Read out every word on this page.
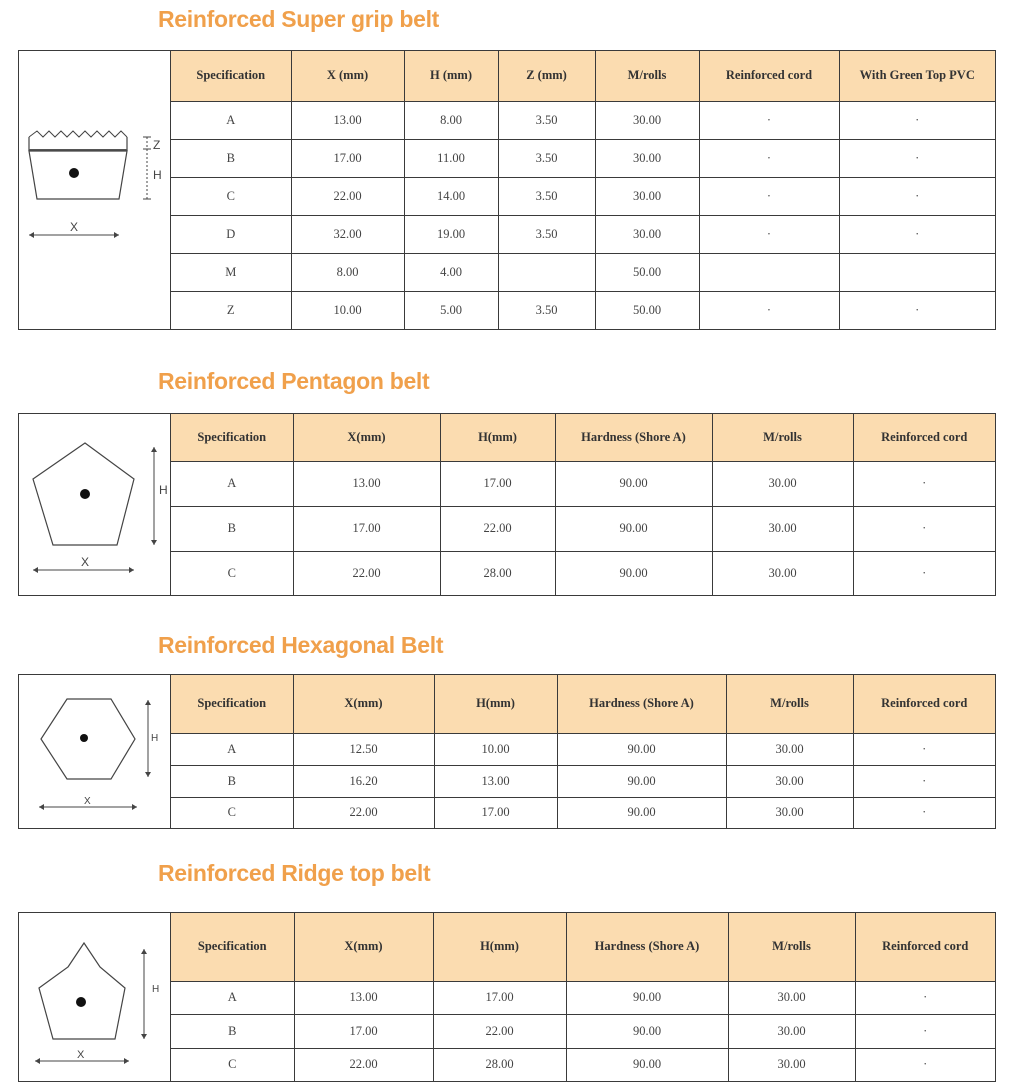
Reinforced Super grip belt
Z
H
X
Specification	X (mm)	H (mm)	Z (mm)	M/rolls	Reinforced cord	With Green Top PVC
A	13.00	8.00	3.50	30.00	·	·
B	17.00	11.00	3.50	30.00	·	·
C	22.00	14.00	3.50	30.00	·	·
D	32.00	19.00	3.50	30.00	·	·
M	8.00	4.00		50.00		
Z	10.00	5.00	3.50	50.00	·	·
Reinforced Pentagon belt
H
X
Specification	X(mm)	H(mm)	Hardness (Shore A)	M/rolls	Reinforced cord
A	13.00	17.00	90.00	30.00	·
B	17.00	22.00	90.00	30.00	·
C	22.00	28.00	90.00	30.00	·
Reinforced Hexagonal Belt
H
X
Specification	X(mm)	H(mm)	Hardness (Shore A)	M/rolls	Reinforced cord
A	12.50	10.00	90.00	30.00	·
B	16.20	13.00	90.00	30.00	·
C	22.00	17.00	90.00	30.00	·
Reinforced Ridge top belt
H
X
Specification	X(mm)	H(mm)	Hardness (Shore A)	M/rolls	Reinforced cord
A	13.00	17.00	90.00	30.00	·
B	17.00	22.00	90.00	30.00	·
C	22.00	28.00	90.00	30.00	·
